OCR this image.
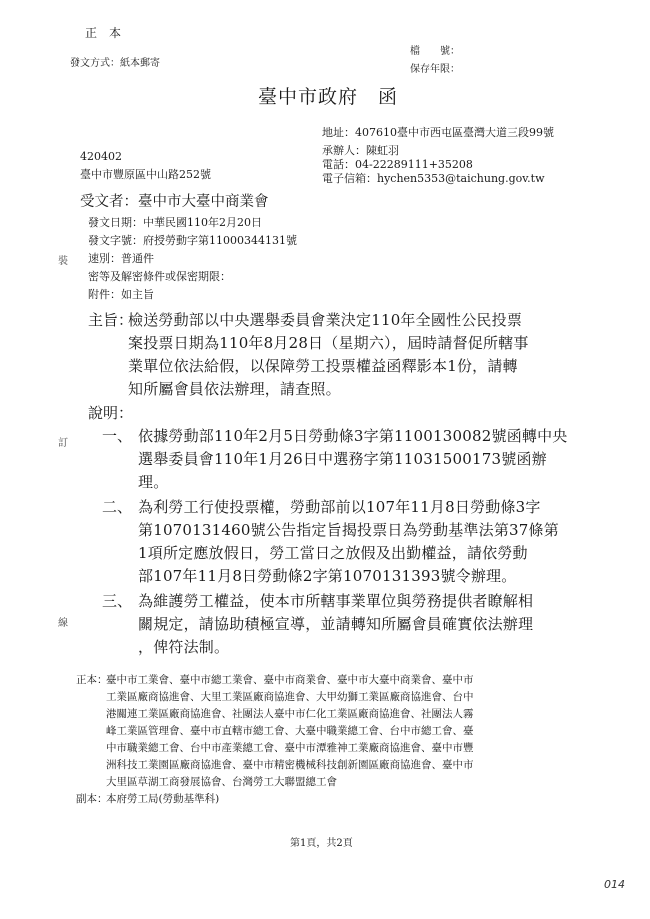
正　本
發文方式：紙本郵寄
檔　　號：
保存年限：
臺中市政府　函
地址：407610臺中市西屯區臺灣大道三段99號
承辦人：陳虹羽
電話：04-22289111+35208
電子信箱：hychen5353@taichung.gov.tw
420402
臺中市豐原區中山路252號
受文者：臺中市大臺中商業會
發文日期：中華民國110年2月20日
發文字號：府授勞動字第11000344131號
速別：普通件
密等及解密條件或保密期限：
附件：如主旨
裝
訂
線
主旨：
檢送勞動部以中央選舉委員會業決定110年全國性公民投票
案投票日期為110年8月28日（星期六），屆時請督促所轄事
業單位依法給假，以保障勞工投票權益函釋影本1份，請轉
知所屬會員依法辦理，請查照。
說明：
一、 依據勞動部110年2月5日勞動條3字第1100130082號函轉中央
選舉委員會110年1月26日中選務字第11031500173號函辦
理。
二、 為利勞工行使投票權，勞動部前以107年11月8日勞動條3字
第1070131460號公告指定旨揭投票日為勞動基準法第37條第
1項所定應放假日，勞工當日之放假及出勤權益，請依勞動
部107年11月8日勞動條2字第1070131393號令辦理。
三、 為維護勞工權益，使本市所轄事業單位與勞務提供者瞭解相
關規定，請協助積極宣導，並請轉知所屬會員確實依法辦理
，俾符法制。
正本：
臺中市工業會、臺中市總工業會、臺中市商業會、臺中市大臺中商業會、臺中市
工業區廠商協進會、大里工業區廠商協進會、大甲幼獅工業區廠商協進會、台中
港關連工業區廠商協進會、社團法人臺中市仁化工業區廠商協進會、社團法人霧
峰工業區管理會、臺中市直轄市總工會、大臺中職業總工會、台中市總工會、臺
中市職業總工會、台中市產業總工會、臺中市潭雅神工業廠商協進會、臺中市豐
洲科技工業園區廠商協進會、臺中市精密機械科技創新園區廠商協進會、臺中市
大里區草湖工商發展協會、台灣勞工大聯盟總工會
副本：
本府勞工局(勞動基準科)
第1頁，共2頁
014
